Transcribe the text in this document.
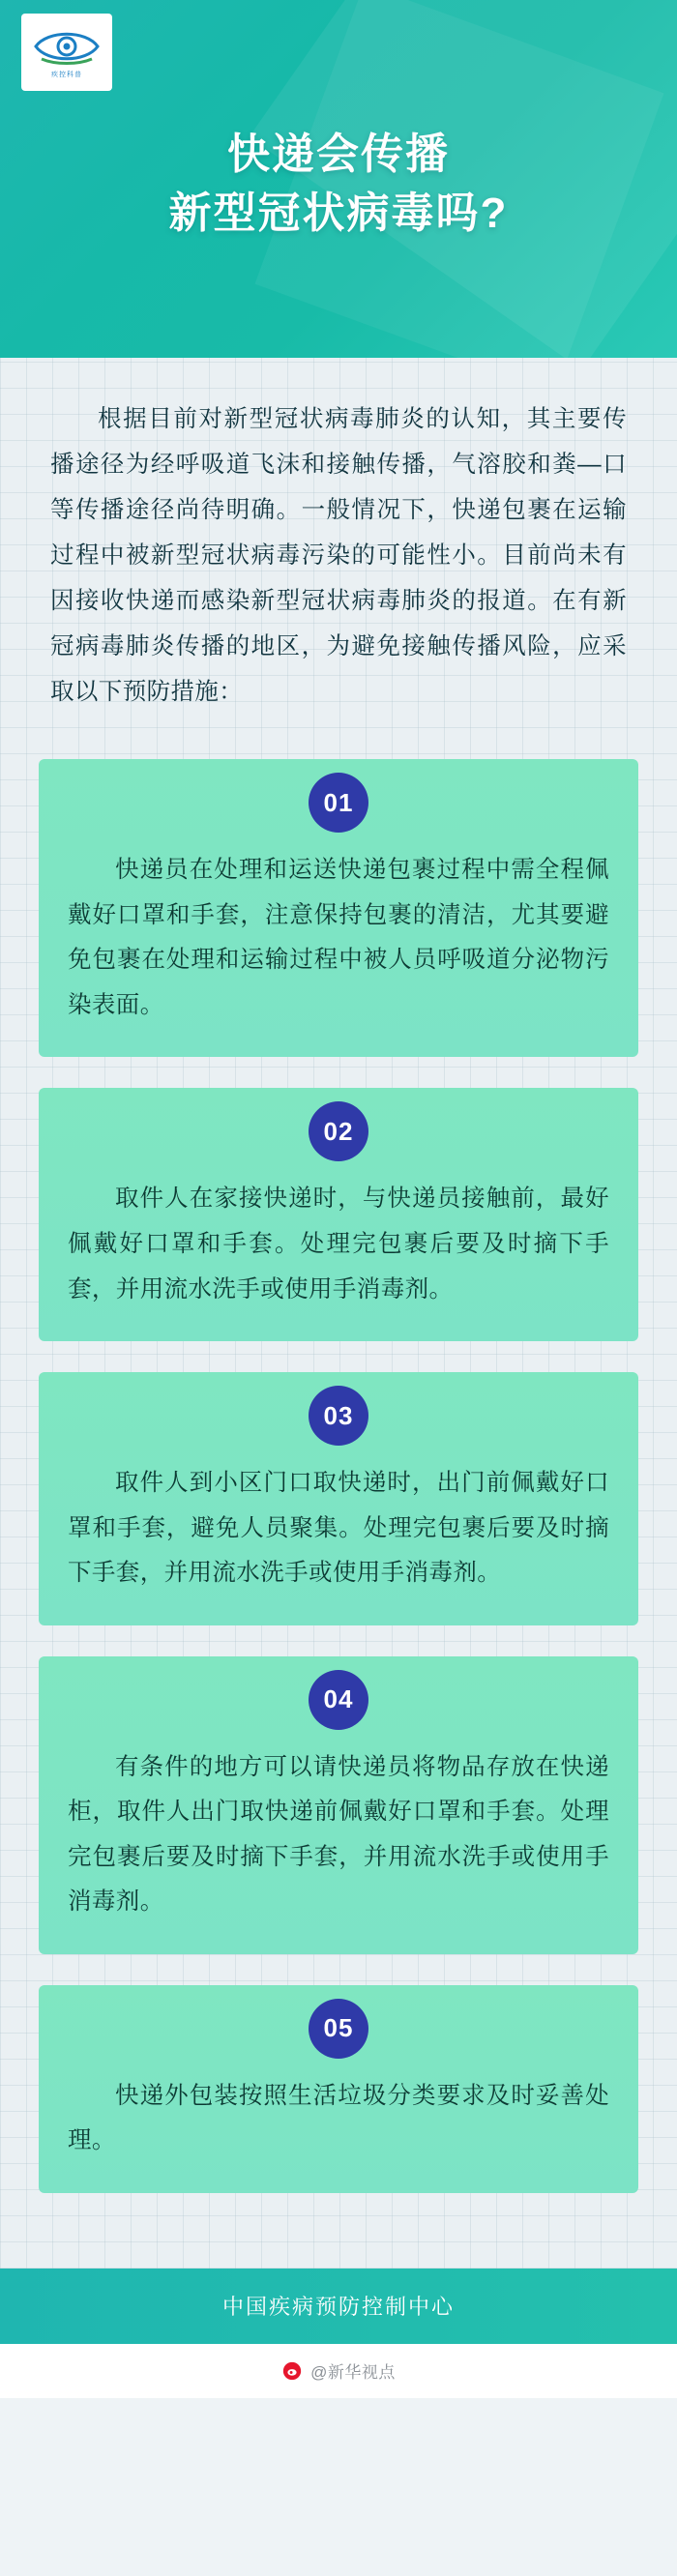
疾控科普
快递会传播
新型冠状病毒吗?

根据目前对新型冠状病毒肺炎的认知，其主要传播途径为经呼吸道飞沫和接触传播，气溶胶和粪—口等传播途径尚待明确。一般情况下，快递包裹在运输过程中被新型冠状病毒污染的可能性小。目前尚未有因接收快递而感染新型冠状病毒肺炎的报道。在有新冠病毒肺炎传播的地区，为避免接触传播风险，应采取以下预防措施：

01

快递员在处理和运送快递包裹过程中需全程佩戴好口罩和手套，注意保持包裹的清洁，尤其要避免包裹在处理和运输过程中被人员呼吸道分泌物污染表面。

02

取件人在家接快递时，与快递员接触前，最好佩戴好口罩和手套。处理完包裹后要及时摘下手套，并用流水洗手或使用手消毒剂。

03

取件人到小区门口取快递时，出门前佩戴好口罩和手套，避免人员聚集。处理完包裹后要及时摘下手套，并用流水洗手或使用手消毒剂。

04

有条件的地方可以请快递员将物品存放在快递柜，取件人出门取快递前佩戴好口罩和手套。处理完包裹后要及时摘下手套，并用流水洗手或使用手消毒剂。

05

快递外包装按照生活垃圾分类要求及时妥善处理。

中国疾病预防控制中心
@新华视点
